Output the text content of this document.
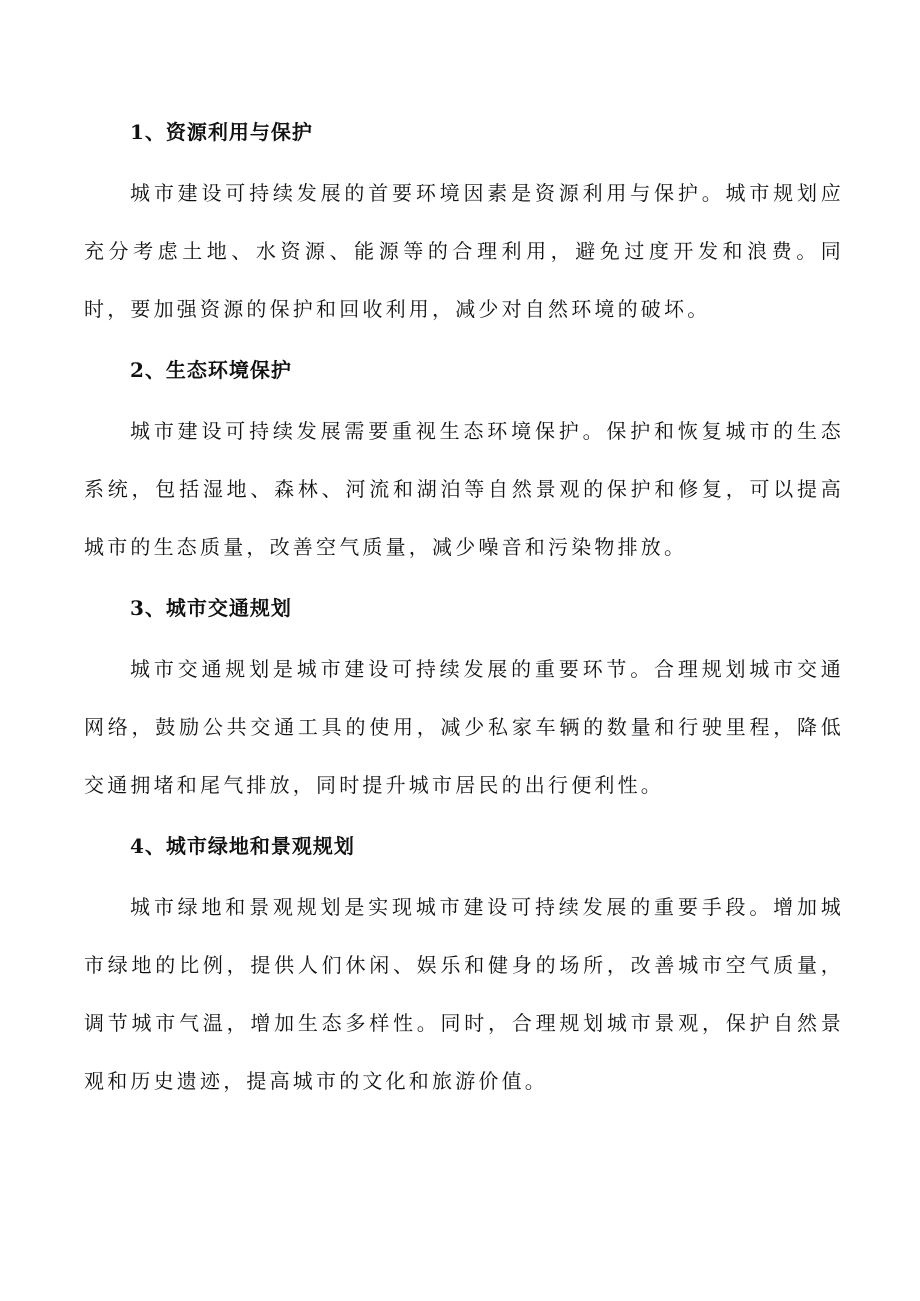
1、资源利用与保护

城市建设可持续发展的首要环境因素是资源利用与保护。城市规划应充分考虑土地、水资源、能源等的合理利用，避免过度开发和浪费。同时，要加强资源的保护和回收利用，减少对自然环境的破坏。

2、生态环境保护

城市建设可持续发展需要重视生态环境保护。保护和恢复城市的生态系统，包括湿地、森林、河流和湖泊等自然景观的保护和修复，可以提高城市的生态质量，改善空气质量，减少噪音和污染物排放。

3、城市交通规划

城市交通规划是城市建设可持续发展的重要环节。合理规划城市交通网络，鼓励公共交通工具的使用，减少私家车辆的数量和行驶里程，降低交通拥堵和尾气排放，同时提升城市居民的出行便利性。

4、城市绿地和景观规划

城市绿地和景观规划是实现城市建设可持续发展的重要手段。增加城市绿地的比例，提供人们休闲、娱乐和健身的场所，改善城市空气质量，调节城市气温，增加生态多样性。同时，合理规划城市景观，保护自然景观和历史遗迹，提高城市的文化和旅游价值。
